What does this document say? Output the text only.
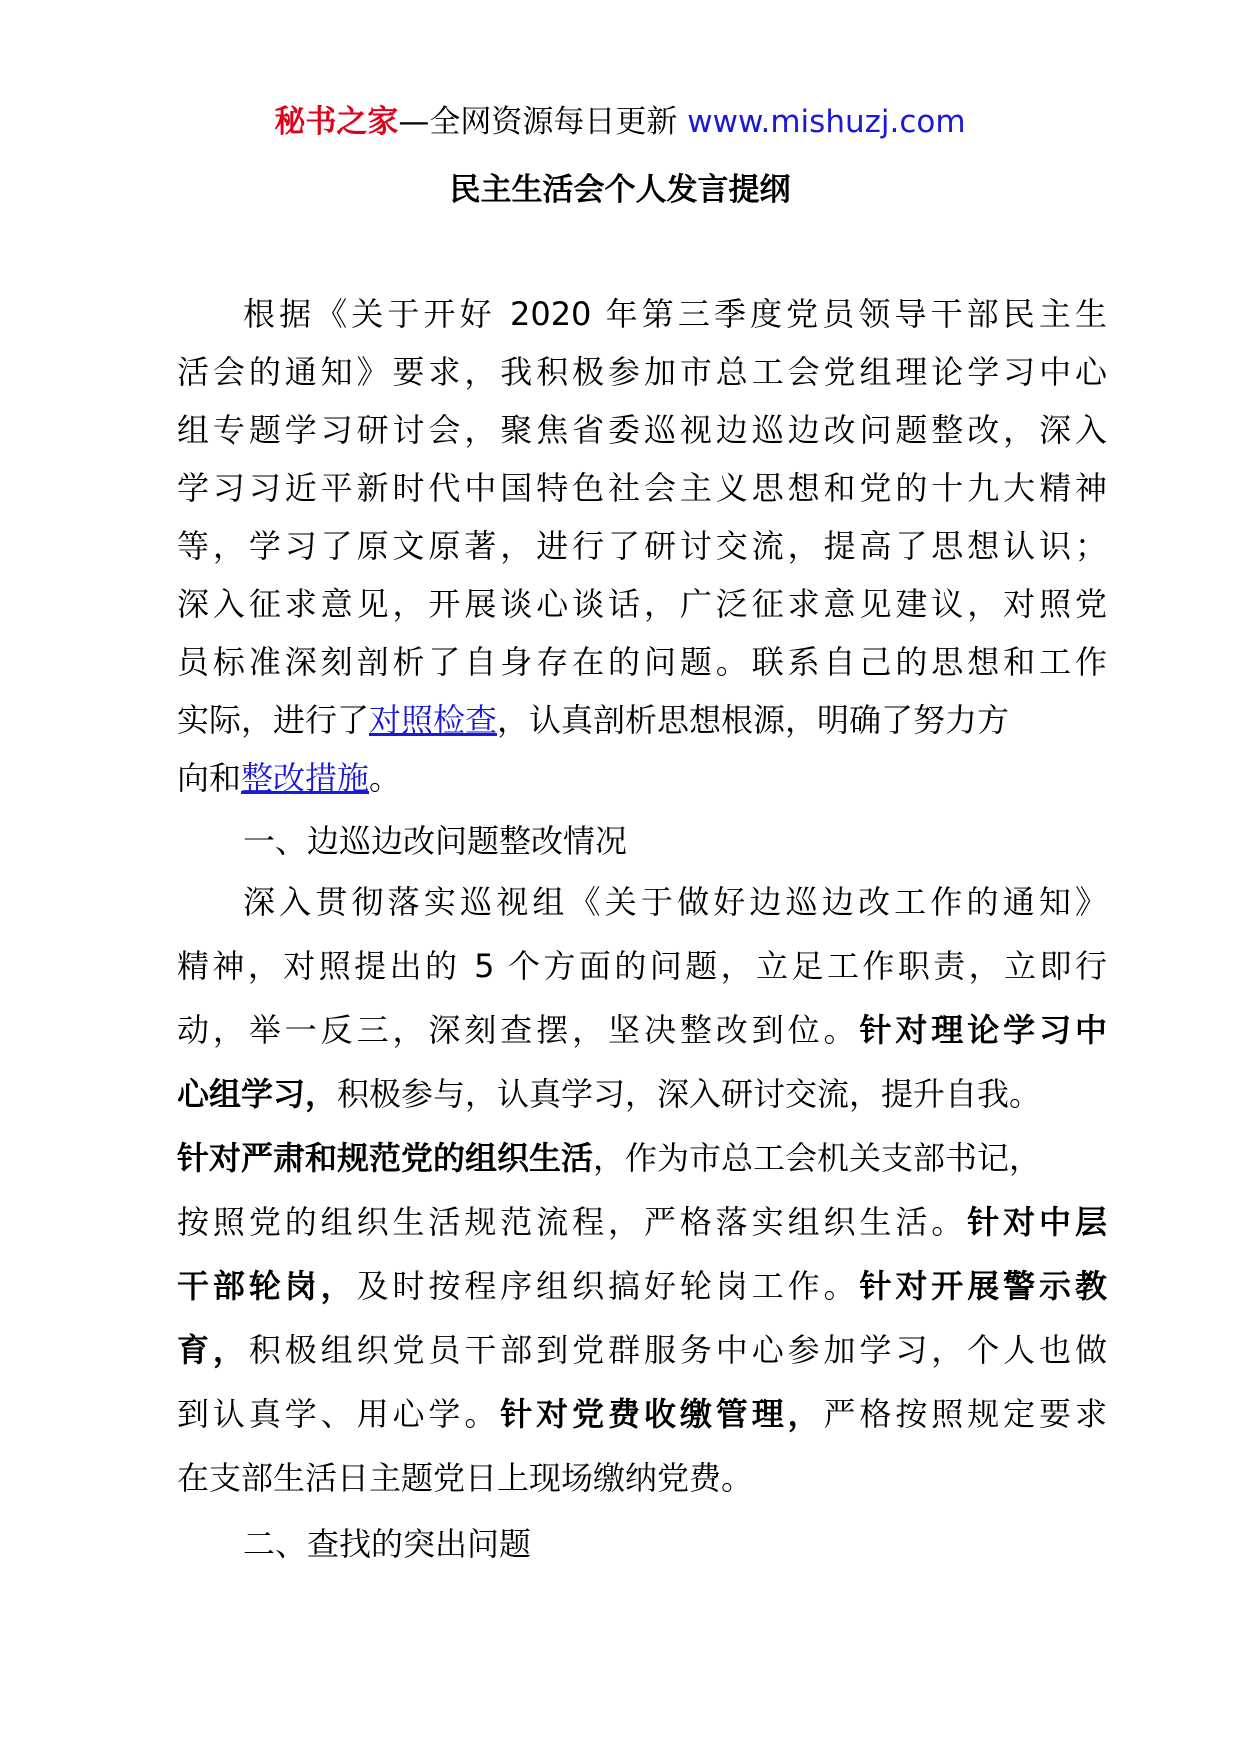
秘书之家—全网资源每日更新 www.mishuzj.com
民主生活会个人发言提纲
根据《关于开好 2020 年第三季度党员领导干部民主生
活会的通知》要求，我积极参加市总工会党组理论学习中心
组专题学习研讨会，聚焦省委巡视边巡边改问题整改，深入
学习习近平新时代中国特色社会主义思想和党的十九大精神
等，学习了原文原著，进行了研讨交流，提高了思想认识；
深入征求意见，开展谈心谈话，广泛征求意见建议，对照党
员标准深刻剖析了自身存在的问题。联系自己的思想和工作
实际，进行了对照检查，认真剖析思想根源，明确了努力方
向和整改措施。
一、边巡边改问题整改情况
深入贯彻落实巡视组《关于做好边巡边改工作的通知》
精神，对照提出的 5 个方面的问题，立足工作职责，立即行
动，举一反三，深刻查摆，坚决整改到位。针对理论学习中
心组学习，积极参与，认真学习，深入研讨交流，提升自我。
针对严肃和规范党的组织生活，作为市总工会机关支部书记，
按照党的组织生活规范流程，严格落实组织生活。针对中层
干部轮岗，及时按程序组织搞好轮岗工作。针对开展警示教
育，积极组织党员干部到党群服务中心参加学习，个人也做
到认真学、用心学。针对党费收缴管理，严格按照规定要求
在支部生活日主题党日上现场缴纳党费。
二、查找的突出问题
